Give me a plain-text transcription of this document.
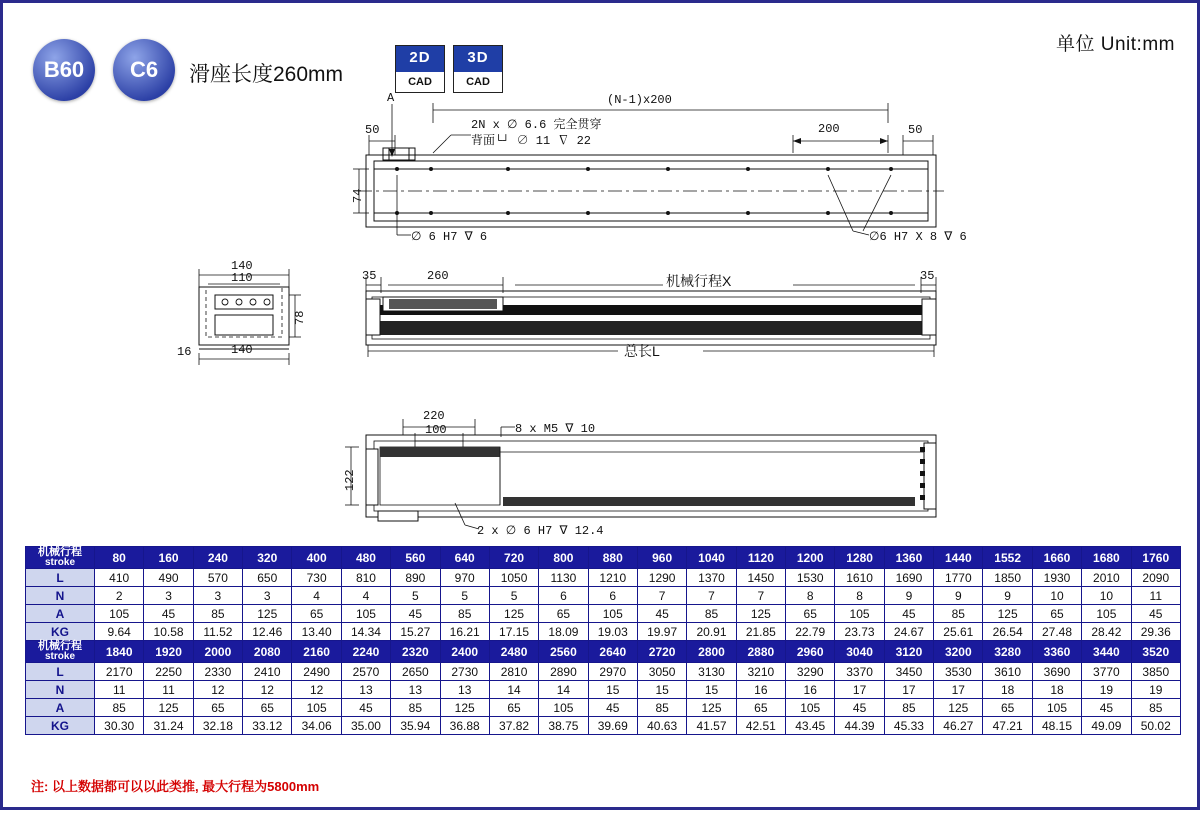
单位 Unit:mm
B60	C6	滑座长度260mm
2D
CAD
3D
CAD
A	(N-1)x200
2N x ∅ 6.6 完全贯穿
背面└┘ ∅ 11 ∇ 22
200
50	50
74
∅ 6 H7 ∇ 6	∅6 H7 X 8 ∇ 6
140
110
78
16	140
35	260	机械行程X	35
总长L
220
100	8 x M5 ∇ 10
122
2 x ∅ 6 H7 ∇ 12.4
机械行程
stroke	80	160	240	320	400	480	560	640	720	800	880	960	1040	1120	1200	1280	1360	1440	1552	1660	1680	1760
L	410	490	570	650	730	810	890	970	1050	1130	1210	1290	1370	1450	1530	1610	1690	1770	1850	1930	2010	2090
N	2	3	3	3	4	4	5	5	5	6	6	7	7	7	8	8	9	9	9	10	10	11
A	105	45	85	125	65	105	45	85	125	65	105	45	85	125	65	105	45	85	125	65	105	45
KG	9.64	10.58	11.52	12.46	13.40	14.34	15.27	16.21	17.15	18.09	19.03	19.97	20.91	21.85	22.79	23.73	24.67	25.61	26.54	27.48	28.42	29.36

机械行程
stroke	1840	1920	2000	2080	2160	2240	2320	2400	2480	2560	2640	2720	2800	2880	2960	3040	3120	3200	3280	3360	3440	3520
L	2170	2250	2330	2410	2490	2570	2650	2730	2810	2890	2970	3050	3130	3210	3290	3370	3450	3530	3610	3690	3770	3850
N	11	11	12	12	12	13	13	13	14	14	15	15	15	16	16	17	17	17	18	18	19	19
A	85	125	65	65	105	45	85	125	65	105	45	85	125	65	105	45	85	125	65	105	45	85
KG	30.30	31.24	32.18	33.12	34.06	35.00	35.94	36.88	37.82	38.75	39.69	40.63	41.57	42.51	43.45	44.39	45.33	46.27	47.21	48.15	49.09	50.02
注: 以上数据都可以以此类推, 最大行程为5800mm
